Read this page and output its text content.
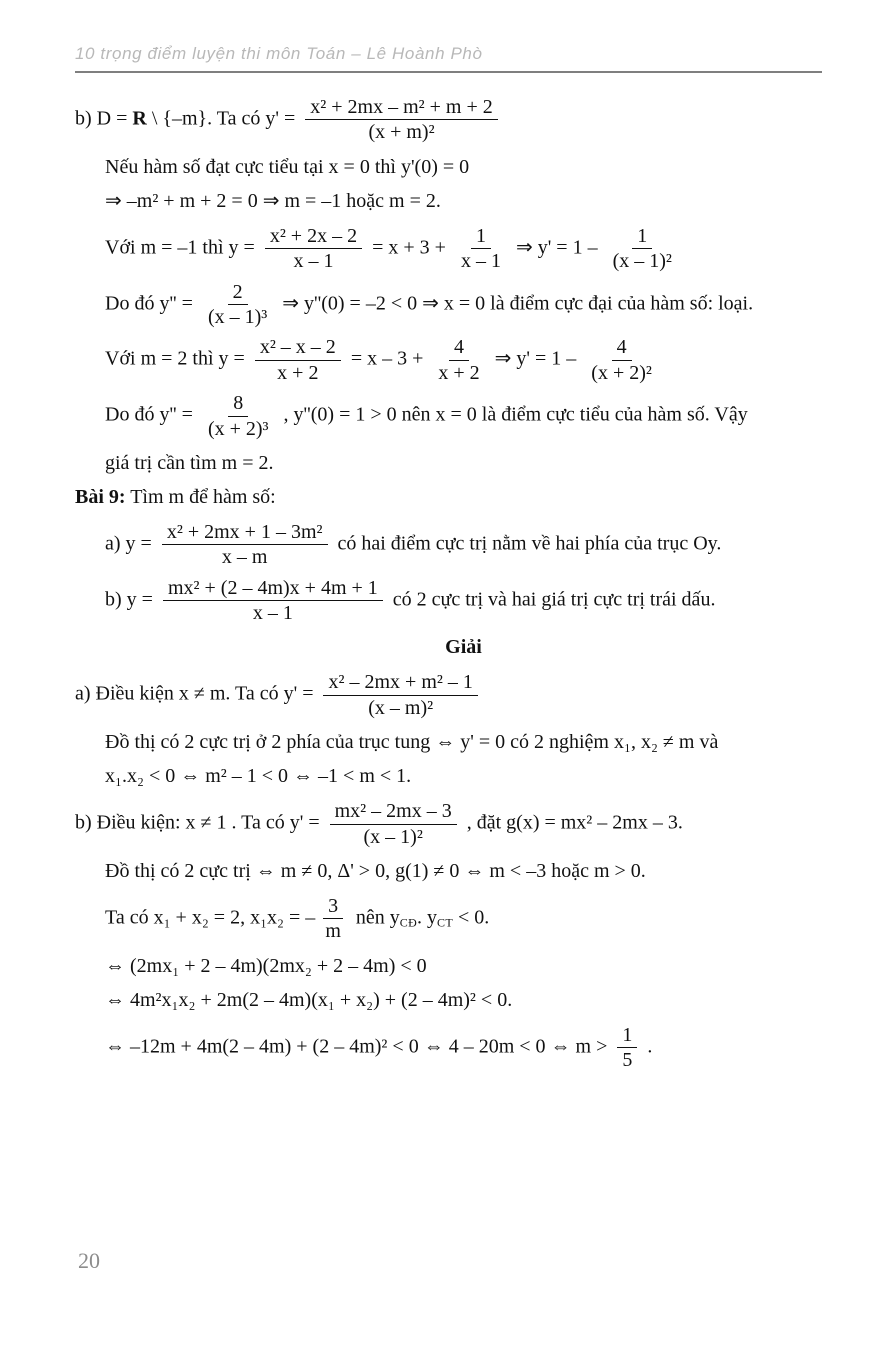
10 trọng điểm luyện thi môn Toán – Lê Hoành Phò
b) D = R \ {–m}. Ta có $y' = \frac{\text{x² + 2mx – m² + m + 2}}{\text{(x + m)²}}$
Nếu hàm số đạt cực tiểu tại x = 0 thì y'(0) = 0
⇒ –m² + m + 2 = 0 ⇒ m = –1 hoặc m = 2.
Với m = –1 thì $y = \frac{\text{x² + 2x – 2}}{x - 1} = x + 3 + \frac{1}{x - 1}$ ⇒ $y' = 1 - \frac{1}{\text{(x – 1)²}}$
Do đó $y'' = \frac{2}{\text{(x – 1)³}}$ ⇒ y''(0) = –2 < 0 ⇒ x = 0 là điểm cực đại của hàm số: loại.
Với m = 2 thì $y = \frac{\text{x² – x – 2}}{x + 2} = x - 3 + \frac{4}{x + 2}$ ⇒ $y' = 1 - \frac{4}{\text{(x + 2)²}}$
Do đó $y'' = \frac{8}{\text{(x + 2)³}}$ , y''(0) = 1 > 0 nên x = 0 là điểm cực tiểu của hàm số. Vậy
giá trị cần tìm m = 2.
Bài 9: Tìm m để hàm số:
a) $y = \frac{\text{x² + 2mx + 1 – 3m²}}{x - m}$ có hai điểm cực trị nằm về hai phía của trục Oy.
b) $y = \frac{\text{mx² + (2 – 4m)x + 4m + 1}}{x - 1}$ có 2 cực trị và hai giá trị cực trị trái dấu.
Giải
a) Điều kiện x ≠ m. Ta có $y' = \frac{\text{x² – 2mx + m² – 1}}{\text{(x – m)²}}$
Đồ thị có 2 cực trị ở 2 phía của trục tung ⇔ y' = 0 có 2 nghiệm x₁, x₂ ≠ m và
x₁.x₂ < 0 ⇔ m² – 1 < 0 ⇔ –1 < m < 1.
b) Điều kiện: x ≠ 1 . Ta có $y' = \frac{\text{mx² – 2mx – 3}}{\text{(x – 1)²}}$ , đặt g(x) = mx² – 2mx – 3.
Đồ thị có 2 cực trị ⇔ m ≠ 0, Δ' > 0, g(1) ≠ 0 ⇔ m < –3 hoặc m > 0.
Ta có x₁ + x₂ = 2, x₁x₂ = – $\frac{3}{m}$ nên yCĐ. yCT < 0.
⇔ (2mx₁ + 2 – 4m)(2mx₂ + 2 – 4m) < 0
⇔ 4m²x₁x₂ + 2m(2 – 4m)(x₁ + x₂) + (2 – 4m)² < 0.
⇔ –12m + 4m(2 – 4m) + (2 – 4m)² < 0 ⇔ 4 – 20m < 0 ⇔ $m > \frac{1}{5}$ .
20
